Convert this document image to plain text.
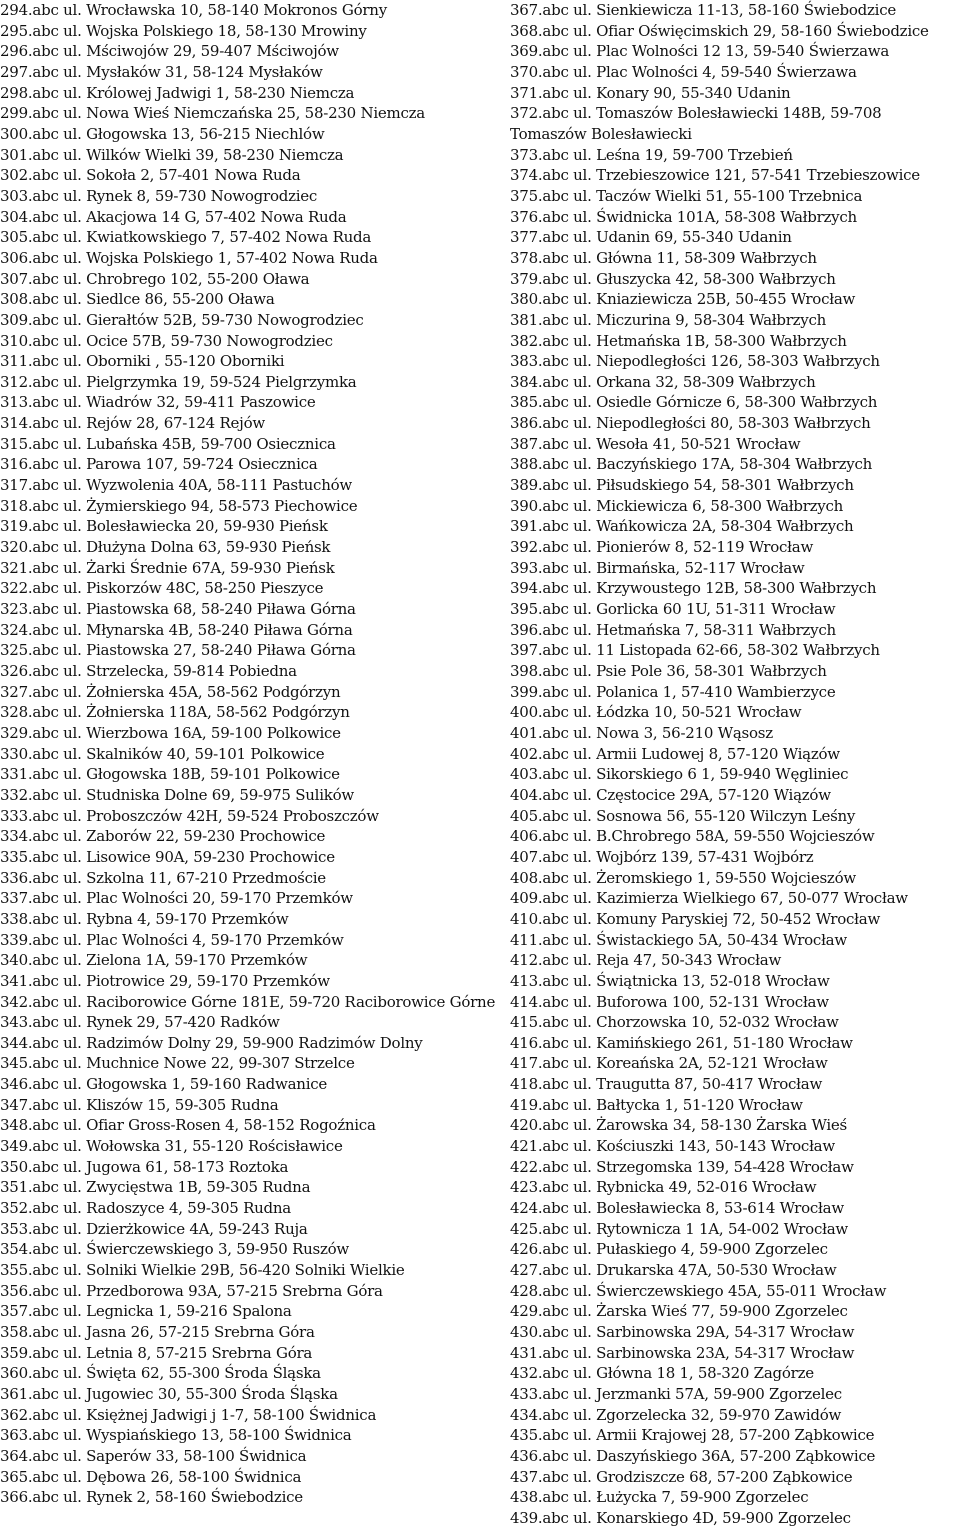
294.abc ul. Wrocławska 10, 58-140 Mokronos Górny
295.abc ul. Wojska Polskiego 18, 58-130 Mrowiny
296.abc ul. Mściwojów 29, 59-407 Mściwojów
297.abc ul. Mysłaków 31, 58-124 Mysłaków
298.abc ul. Królowej Jadwigi 1, 58-230 Niemcza
299.abc ul. Nowa Wieś Niemczańska 25, 58-230 Niemcza
300.abc ul. Głogowska 13, 56-215 Niechlów
301.abc ul. Wilków Wielki 39, 58-230 Niemcza
302.abc ul. Sokoła 2, 57-401 Nowa Ruda
303.abc ul. Rynek 8, 59-730 Nowogrodziec
304.abc ul. Akacjowa 14 G, 57-402 Nowa Ruda
305.abc ul. Kwiatkowskiego 7, 57-402 Nowa Ruda
306.abc ul. Wojska Polskiego 1, 57-402 Nowa Ruda
307.abc ul. Chrobrego 102, 55-200 Oława
308.abc ul. Siedlce 86, 55-200 Oława
309.abc ul. Gierałtów 52B, 59-730 Nowogrodziec
310.abc ul. Ocice 57B, 59-730 Nowogrodziec
311.abc ul. Oborniki , 55-120 Oborniki
312.abc ul. Pielgrzymka 19, 59-524 Pielgrzymka
313.abc ul. Wiadrów 32, 59-411 Paszowice
314.abc ul. Rejów 28, 67-124 Rejów
315.abc ul. Lubańska 45B, 59-700 Osiecznica
316.abc ul. Parowa 107, 59-724 Osiecznica
317.abc ul. Wyzwolenia 40A, 58-111 Pastuchów
318.abc ul. Żymierskiego 94, 58-573 Piechowice
319.abc ul. Bolesławiecka 20, 59-930 Pieńsk
320.abc ul. Dłużyna Dolna 63, 59-930 Pieńsk
321.abc ul. Żarki Średnie 67A, 59-930 Pieńsk
322.abc ul. Piskorzów 48C, 58-250 Pieszyce
323.abc ul. Piastowska 68, 58-240 Piława Górna
324.abc ul. Młynarska 4B, 58-240 Piława Górna
325.abc ul. Piastowska 27, 58-240 Piława Górna
326.abc ul. Strzelecka, 59-814 Pobiedna
327.abc ul. Żołnierska 45A, 58-562 Podgórzyn
328.abc ul. Żołnierska 118A, 58-562 Podgórzyn
329.abc ul. Wierzbowa 16A, 59-100 Polkowice
330.abc ul. Skalników 40, 59-101 Polkowice
331.abc ul. Głogowska 18B, 59-101 Polkowice
332.abc ul. Studniska Dolne 69, 59-975 Sulików
333.abc ul. Proboszczów 42H, 59-524 Proboszczów
334.abc ul. Zaborów 22, 59-230 Prochowice
335.abc ul. Lisowice 90A, 59-230 Prochowice
336.abc ul. Szkolna 11, 67-210 Przedmoście
337.abc ul. Plac Wolności 20, 59-170 Przemków
338.abc ul. Rybna 4, 59-170 Przemków
339.abc ul. Plac Wolności 4, 59-170 Przemków
340.abc ul. Zielona 1A, 59-170 Przemków
341.abc ul. Piotrowice 29, 59-170 Przemków
342.abc ul. Raciborowice Górne 181E, 59-720 Raciborowice Górne
343.abc ul. Rynek 29, 57-420 Radków
344.abc ul. Radzimów Dolny 29, 59-900 Radzimów Dolny
345.abc ul. Muchnice Nowe 22, 99-307 Strzelce
346.abc ul. Głogowska 1, 59-160 Radwanice
347.abc ul. Kliszów 15, 59-305 Rudna
348.abc ul. Ofiar Gross-Rosen 4, 58-152 Rogoźnica
349.abc ul. Wołowska 31, 55-120 Rościsławice
350.abc ul. Jugowa 61, 58-173 Roztoka
351.abc ul. Zwycięstwa 1B, 59-305 Rudna
352.abc ul. Radoszyce 4, 59-305 Rudna
353.abc ul. Dzierżkowice 4A, 59-243 Ruja
354.abc ul. Świerczewskiego 3, 59-950 Ruszów
355.abc ul. Solniki Wielkie 29B, 56-420 Solniki Wielkie
356.abc ul. Przedborowa 93A, 57-215 Srebrna Góra
357.abc ul. Legnicka 1, 59-216 Spalona
358.abc ul. Jasna 26, 57-215 Srebrna Góra
359.abc ul. Letnia 8, 57-215 Srebrna Góra
360.abc ul. Święta 62, 55-300 Środa Śląska
361.abc ul. Jugowiec 30, 55-300 Środa Śląska
362.abc ul. Księżnej Jadwigi j 1-7, 58-100 Świdnica
363.abc ul. Wyspiańskiego 13, 58-100 Świdnica
364.abc ul. Saperów 33, 58-100 Świdnica
365.abc ul. Dębowa 26, 58-100 Świdnica
366.abc ul. Rynek 2, 58-160 Świebodzice
367.abc ul. Sienkiewicza 11-13, 58-160 Świebodzice
368.abc ul. Ofiar Oświęcimskich 29, 58-160 Świebodzice
369.abc ul. Plac Wolności 12 13, 59-540 Świerzawa
370.abc ul. Plac Wolności 4, 59-540 Świerzawa
371.abc ul. Konary 90, 55-340 Udanin
372.abc ul. Tomaszów Bolesławiecki 148B, 59-708 Tomaszów Bolesławiecki
373.abc ul. Leśna 19, 59-700 Trzebień
374.abc ul. Trzebieszowice 121, 57-541 Trzebieszowice
375.abc ul. Taczów Wielki 51, 55-100 Trzebnica
376.abc ul. Świdnicka 101A, 58-308 Wałbrzych
377.abc ul. Udanin 69, 55-340 Udanin
378.abc ul. Główna 11, 58-309 Wałbrzych
379.abc ul. Głuszycka 42, 58-300 Wałbrzych
380.abc ul. Kniaziewicza 25B, 50-455 Wrocław
381.abc ul. Miczurina 9, 58-304 Wałbrzych
382.abc ul. Hetmańska 1B, 58-300 Wałbrzych
383.abc ul. Niepodległości 126, 58-303 Wałbrzych
384.abc ul. Orkana 32, 58-309 Wałbrzych
385.abc ul. Osiedle Górnicze 6, 58-300 Wałbrzych
386.abc ul. Niepodległości 80, 58-303 Wałbrzych
387.abc ul. Wesoła 41, 50-521 Wrocław
388.abc ul. Baczyńskiego 17A, 58-304 Wałbrzych
389.abc ul. Piłsudskiego 54, 58-301 Wałbrzych
390.abc ul. Mickiewicza 6, 58-300 Wałbrzych
391.abc ul. Wańkowicza 2A, 58-304 Wałbrzych
392.abc ul. Pionierów 8, 52-119 Wrocław
393.abc ul. Birmańska, 52-117 Wrocław
394.abc ul. Krzywoustego 12B, 58-300 Wałbrzych
395.abc ul. Gorlicka 60 1U, 51-311 Wrocław
396.abc ul. Hetmańska 7, 58-311 Wałbrzych
397.abc ul. 11 Listopada 62-66, 58-302 Wałbrzych
398.abc ul. Psie Pole 36, 58-301 Wałbrzych
399.abc ul. Polanica 1, 57-410 Wambierzyce
400.abc ul. Łódzka 10, 50-521 Wrocław
401.abc ul. Nowa 3, 56-210 Wąsosz
402.abc ul. Armii Ludowej 8, 57-120 Wiązów
403.abc ul. Sikorskiego 6 1, 59-940 Węgliniec
404.abc ul. Częstocice 29A, 57-120 Wiązów
405.abc ul. Sosnowa 56, 55-120 Wilczyn Leśny
406.abc ul. B.Chrobrego 58A, 59-550 Wojcieszów
407.abc ul. Wojbórz 139, 57-431 Wojbórz
408.abc ul. Żeromskiego 1, 59-550 Wojcieszów
409.abc ul. Kazimierza Wielkiego 67, 50-077 Wrocław
410.abc ul. Komuny Paryskiej 72, 50-452 Wrocław
411.abc ul. Świstackiego 5A, 50-434 Wrocław
412.abc ul. Reja 47, 50-343 Wrocław
413.abc ul. Świątnicka 13, 52-018 Wrocław
414.abc ul. Buforowa 100, 52-131 Wrocław
415.abc ul. Chorzowska 10, 52-032 Wrocław
416.abc ul. Kamińskiego 261, 51-180 Wrocław
417.abc ul. Koreańska 2A, 52-121 Wrocław
418.abc ul. Traugutta 87, 50-417 Wrocław
419.abc ul. Bałtycka 1, 51-120 Wrocław
420.abc ul. Żarowska 34, 58-130 Żarska Wieś
421.abc ul. Kościuszki 143, 50-143 Wrocław
422.abc ul. Strzegomska 139, 54-428 Wrocław
423.abc ul. Rybnicka 49, 52-016 Wrocław
424.abc ul. Bolesławiecka 8, 53-614 Wrocław
425.abc ul. Rytownicza 1 1A, 54-002 Wrocław
426.abc ul. Pułaskiego 4, 59-900 Zgorzelec
427.abc ul. Drukarska 47A, 50-530 Wrocław
428.abc ul. Świerczewskiego 45A, 55-011 Wrocław
429.abc ul. Żarska Wieś 77, 59-900 Zgorzelec
430.abc ul. Sarbinowska 29A, 54-317 Wrocław
431.abc ul. Sarbinowska 23A, 54-317 Wrocław
432.abc ul. Główna 18 1, 58-320 Zagórze
433.abc ul. Jerzmanki 57A, 59-900 Zgorzelec
434.abc ul. Zgorzelecka 32, 59-970 Zawidów
435.abc ul. Armii Krajowej 28, 57-200 Ząbkowice
436.abc ul. Daszyńskiego 36A, 57-200 Ząbkowice
437.abc ul. Grodziszcze 68, 57-200 Ząbkowice
438.abc ul. Łużycka 7, 59-900 Zgorzelec
439.abc ul. Konarskiego 4D, 59-900 Zgorzelec
